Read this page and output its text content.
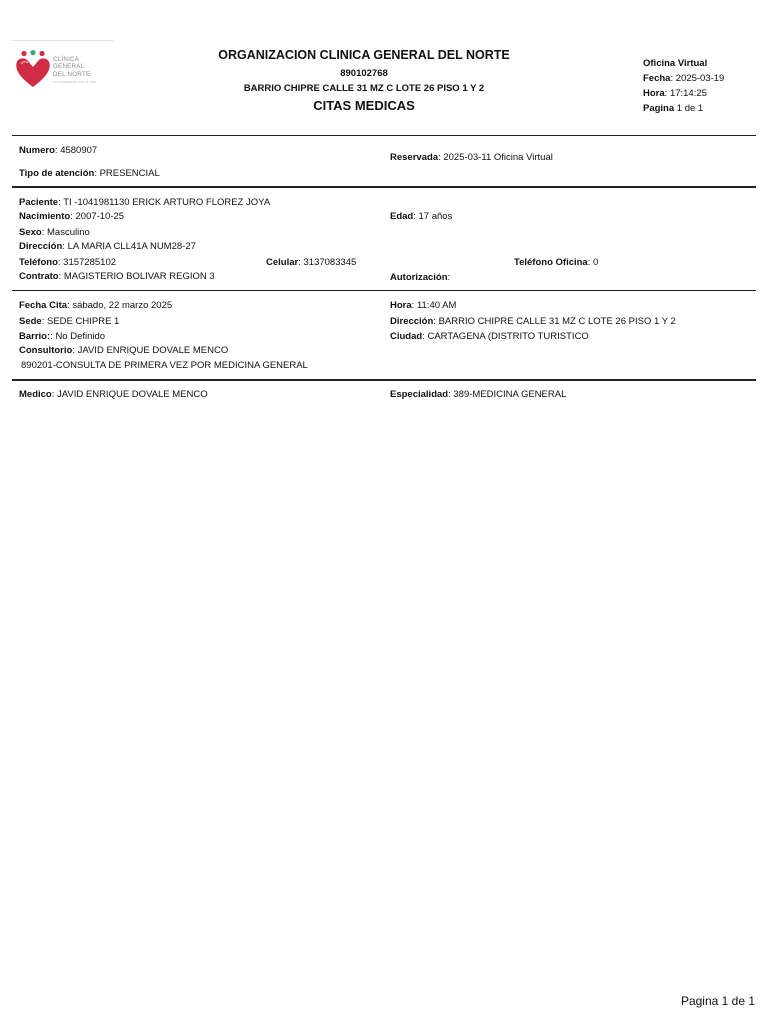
CLÍNICA
GENERAL
DEL NORTE
un compromiso con la vida
ORGANIZACION CLINICA GENERAL DEL NORTE
890102768
BARRIO CHIPRE CALLE 31 MZ C LOTE 26 PISO 1 Y 2
CITAS MEDICAS
Oficina Virtual
Fecha: 2025-03-19
Hora: 17:14:25
Pagina 1 de 1
Numero: 4580907
Tipo de atención: PRESENCIAL
Reservada: 2025-03-11 Oficina Virtual
Paciente: TI -1041981130 ERICK ARTURO FLOREZ JOYA
Nacimiento: 2007-10-25	Edad: 17 años
Sexo: Masculino
Dirección: LA MARIA CLL41A NUM28-27
Teléfono: 3157285102	Celular: 3137083345	Teléfono Oficina: 0
Contrato: MAGISTERIO BOLIVAR REGION 3	Autorización:
Fecha Cita: sábado, 22 marzo 2025	Hora: 11:40 AM
Sede: SEDE CHIPRE 1	Dirección: BARRIO CHIPRE CALLE 31 MZ C LOTE 26 PISO 1 Y 2
Barrio:: No Definido	Ciudad: CARTAGENA (DISTRITO TURISTICO
Consultorio: JAVID ENRIQUE DOVALE MENCO
890201-CONSULTA DE PRIMERA VEZ POR MEDICINA GENERAL
Medico: JAVID ENRIQUE DOVALE MENCO	Especialidad: 389-MEDICINA GENERAL
Pagina 1 de 1
